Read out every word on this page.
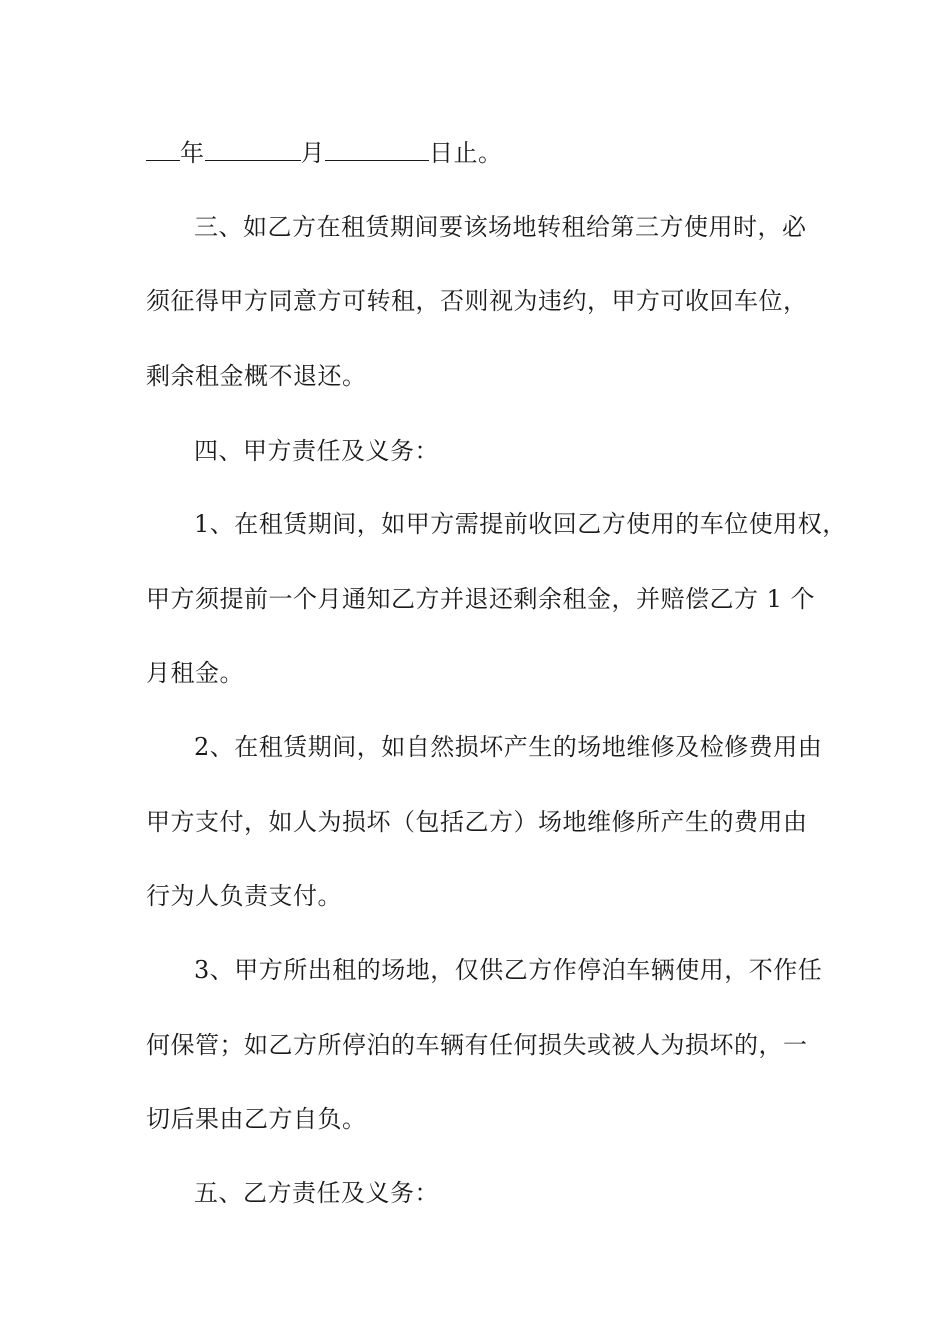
年	月	日止。
三、如乙方在租赁期间要该场地转租给第三方使用时，必
须征得甲方同意方可转租，否则视为违约，甲方可收回车位，
剩余租金概不退还。
四、甲方责任及义务：
1、在租赁期间，如甲方需提前收回乙方使用的车位使用权，
甲方须提前一个月通知乙方并退还剩余租金，并赔偿乙方 1 个
月租金。
2、在租赁期间，如自然损坏产生的场地维修及检修费用由
甲方支付，如人为损坏（包括乙方）场地维修所产生的费用由
行为人负责支付。
3、甲方所出租的场地，仅供乙方作停泊车辆使用，不作任
何保管；如乙方所停泊的车辆有任何损失或被人为损坏的，一
切后果由乙方自负。
五、乙方责任及义务：
